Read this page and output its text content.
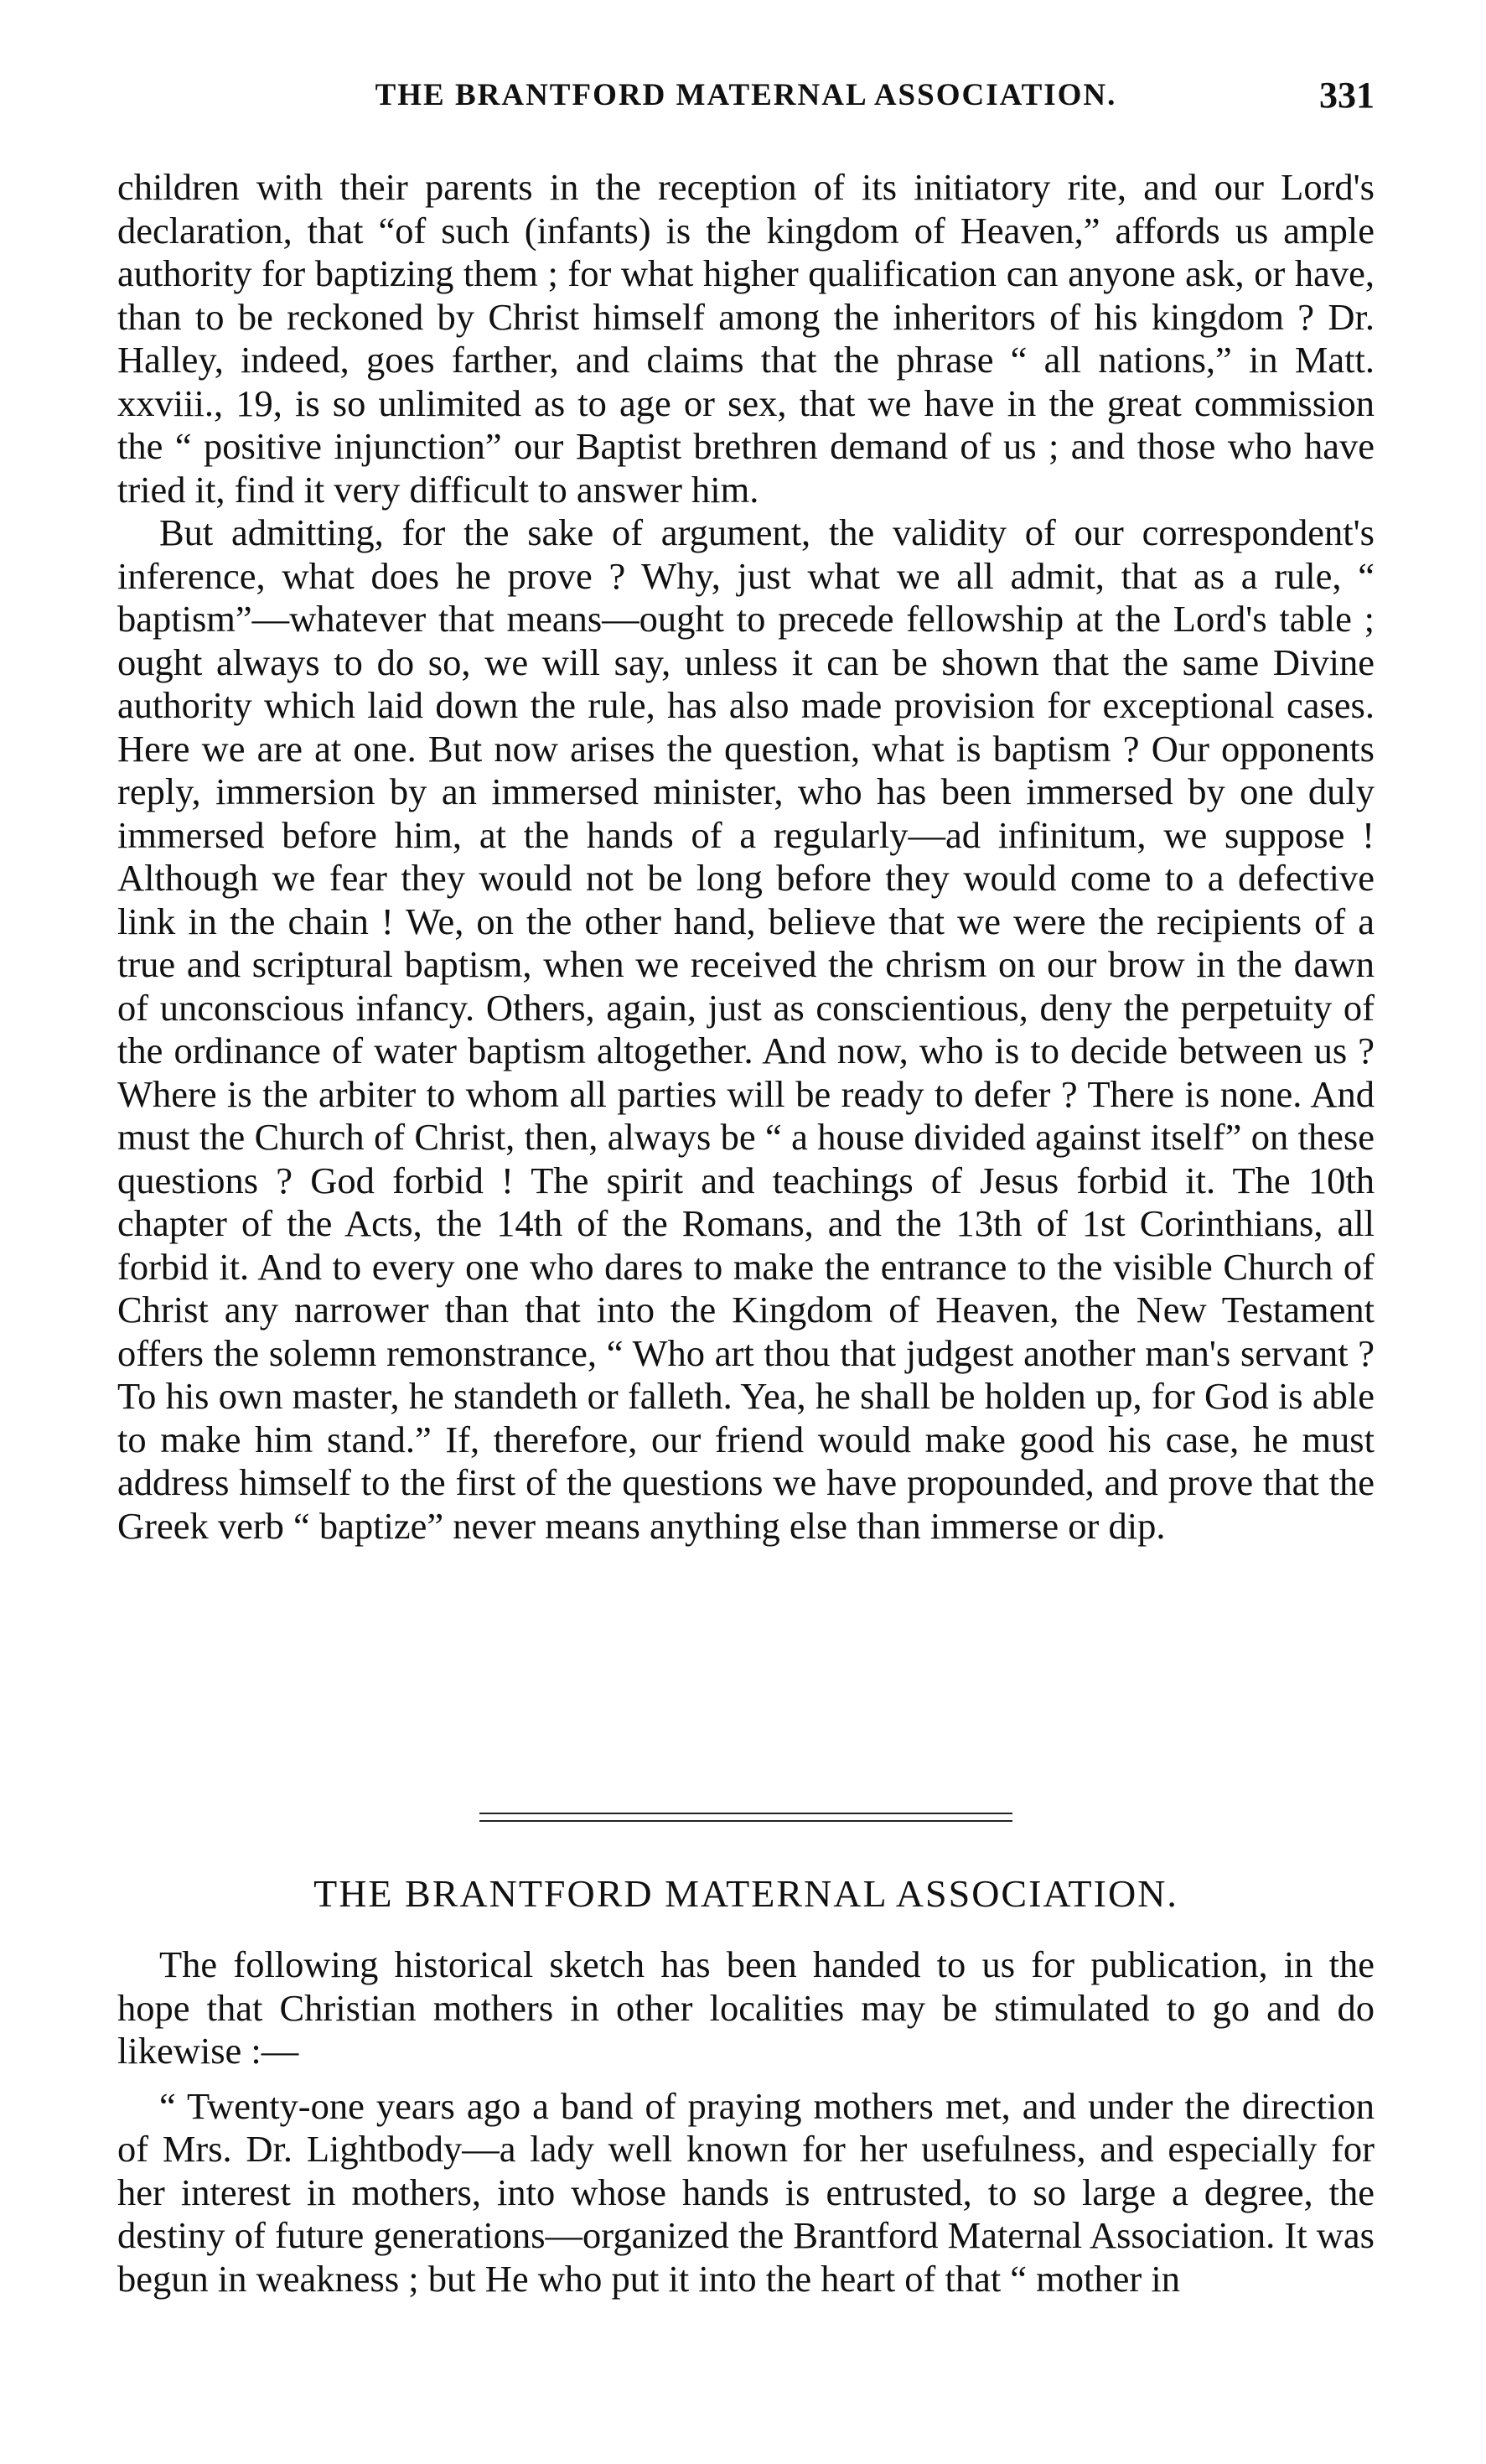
THE BRANTFORD MATERNAL ASSOCIATION.	331

children with their parents in the reception of its initiatory rite, and our Lord's declaration, that “of such (infants) is the kingdom of Heaven,” affords us ample authority for baptizing them ; for what higher qualification can anyone ask, or have, than to be reckoned by Christ himself among the inheritors of his kingdom ? Dr. Halley, indeed, goes farther, and claims that the phrase “ all nations,” in Matt. xxviii., 19, is so unlimited as to age or sex, that we have in the great commission the “ positive injunction” our Baptist brethren demand of us ; and those who have tried it, find it very difficult to answer him.

But admitting, for the sake of argument, the validity of our correspondent's inference, what does he prove ? Why, just what we all admit, that as a rule, “ baptism”—whatever that means—ought to precede fellowship at the Lord's table ; ought always to do so, we will say, unless it can be shown that the same Divine authority which laid down the rule, has also made provision for exceptional cases. Here we are at one. But now arises the question, what is baptism ? Our opponents reply, immersion by an immersed minister, who has been immersed by one duly immersed before him, at the hands of a regularly—ad infinitum, we suppose ! Although we fear they would not be long before they would come to a defective link in the chain ! We, on the other hand, believe that we were the recipients of a true and scriptural baptism, when we received the chrism on our brow in the dawn of unconscious infancy. Others, again, just as conscientious, deny the perpetuity of the ordinance of water baptism altogether. And now, who is to decide between us ? Where is the arbiter to whom all parties will be ready to defer ? There is none. And must the Church of Christ, then, always be “ a house divided against itself” on these questions ? God forbid ! The spirit and teachings of Jesus forbid it. The 10th chapter of the Acts, the 14th of the Romans, and the 13th of 1st Corinthians, all forbid it. And to every one who dares to make the entrance to the visible Church of Christ any narrower than that into the Kingdom of Heaven, the New Testament offers the solemn remonstrance, “ Who art thou that judgest another man's servant ? To his own master, he standeth or falleth. Yea, he shall be holden up, for God is able to make him stand.” If, therefore, our friend would make good his case, he must address himself to the first of the questions we have propounded, and prove that the Greek verb “ baptize” never means anything else than immerse or dip.

THE BRANTFORD MATERNAL ASSOCIATION.

The following historical sketch has been handed to us for publication, in the hope that Christian mothers in other localities may be stimulated to go and do likewise :—

“ Twenty-one years ago a band of praying mothers met, and under the direction of Mrs. Dr. Lightbody—a lady well known for her usefulness, and especially for her interest in mothers, into whose hands is entrusted, to so large a degree, the destiny of future generations—organized the Brantford Maternal Association. It was begun in weakness ; but He who put it into the heart of that “ mother in
